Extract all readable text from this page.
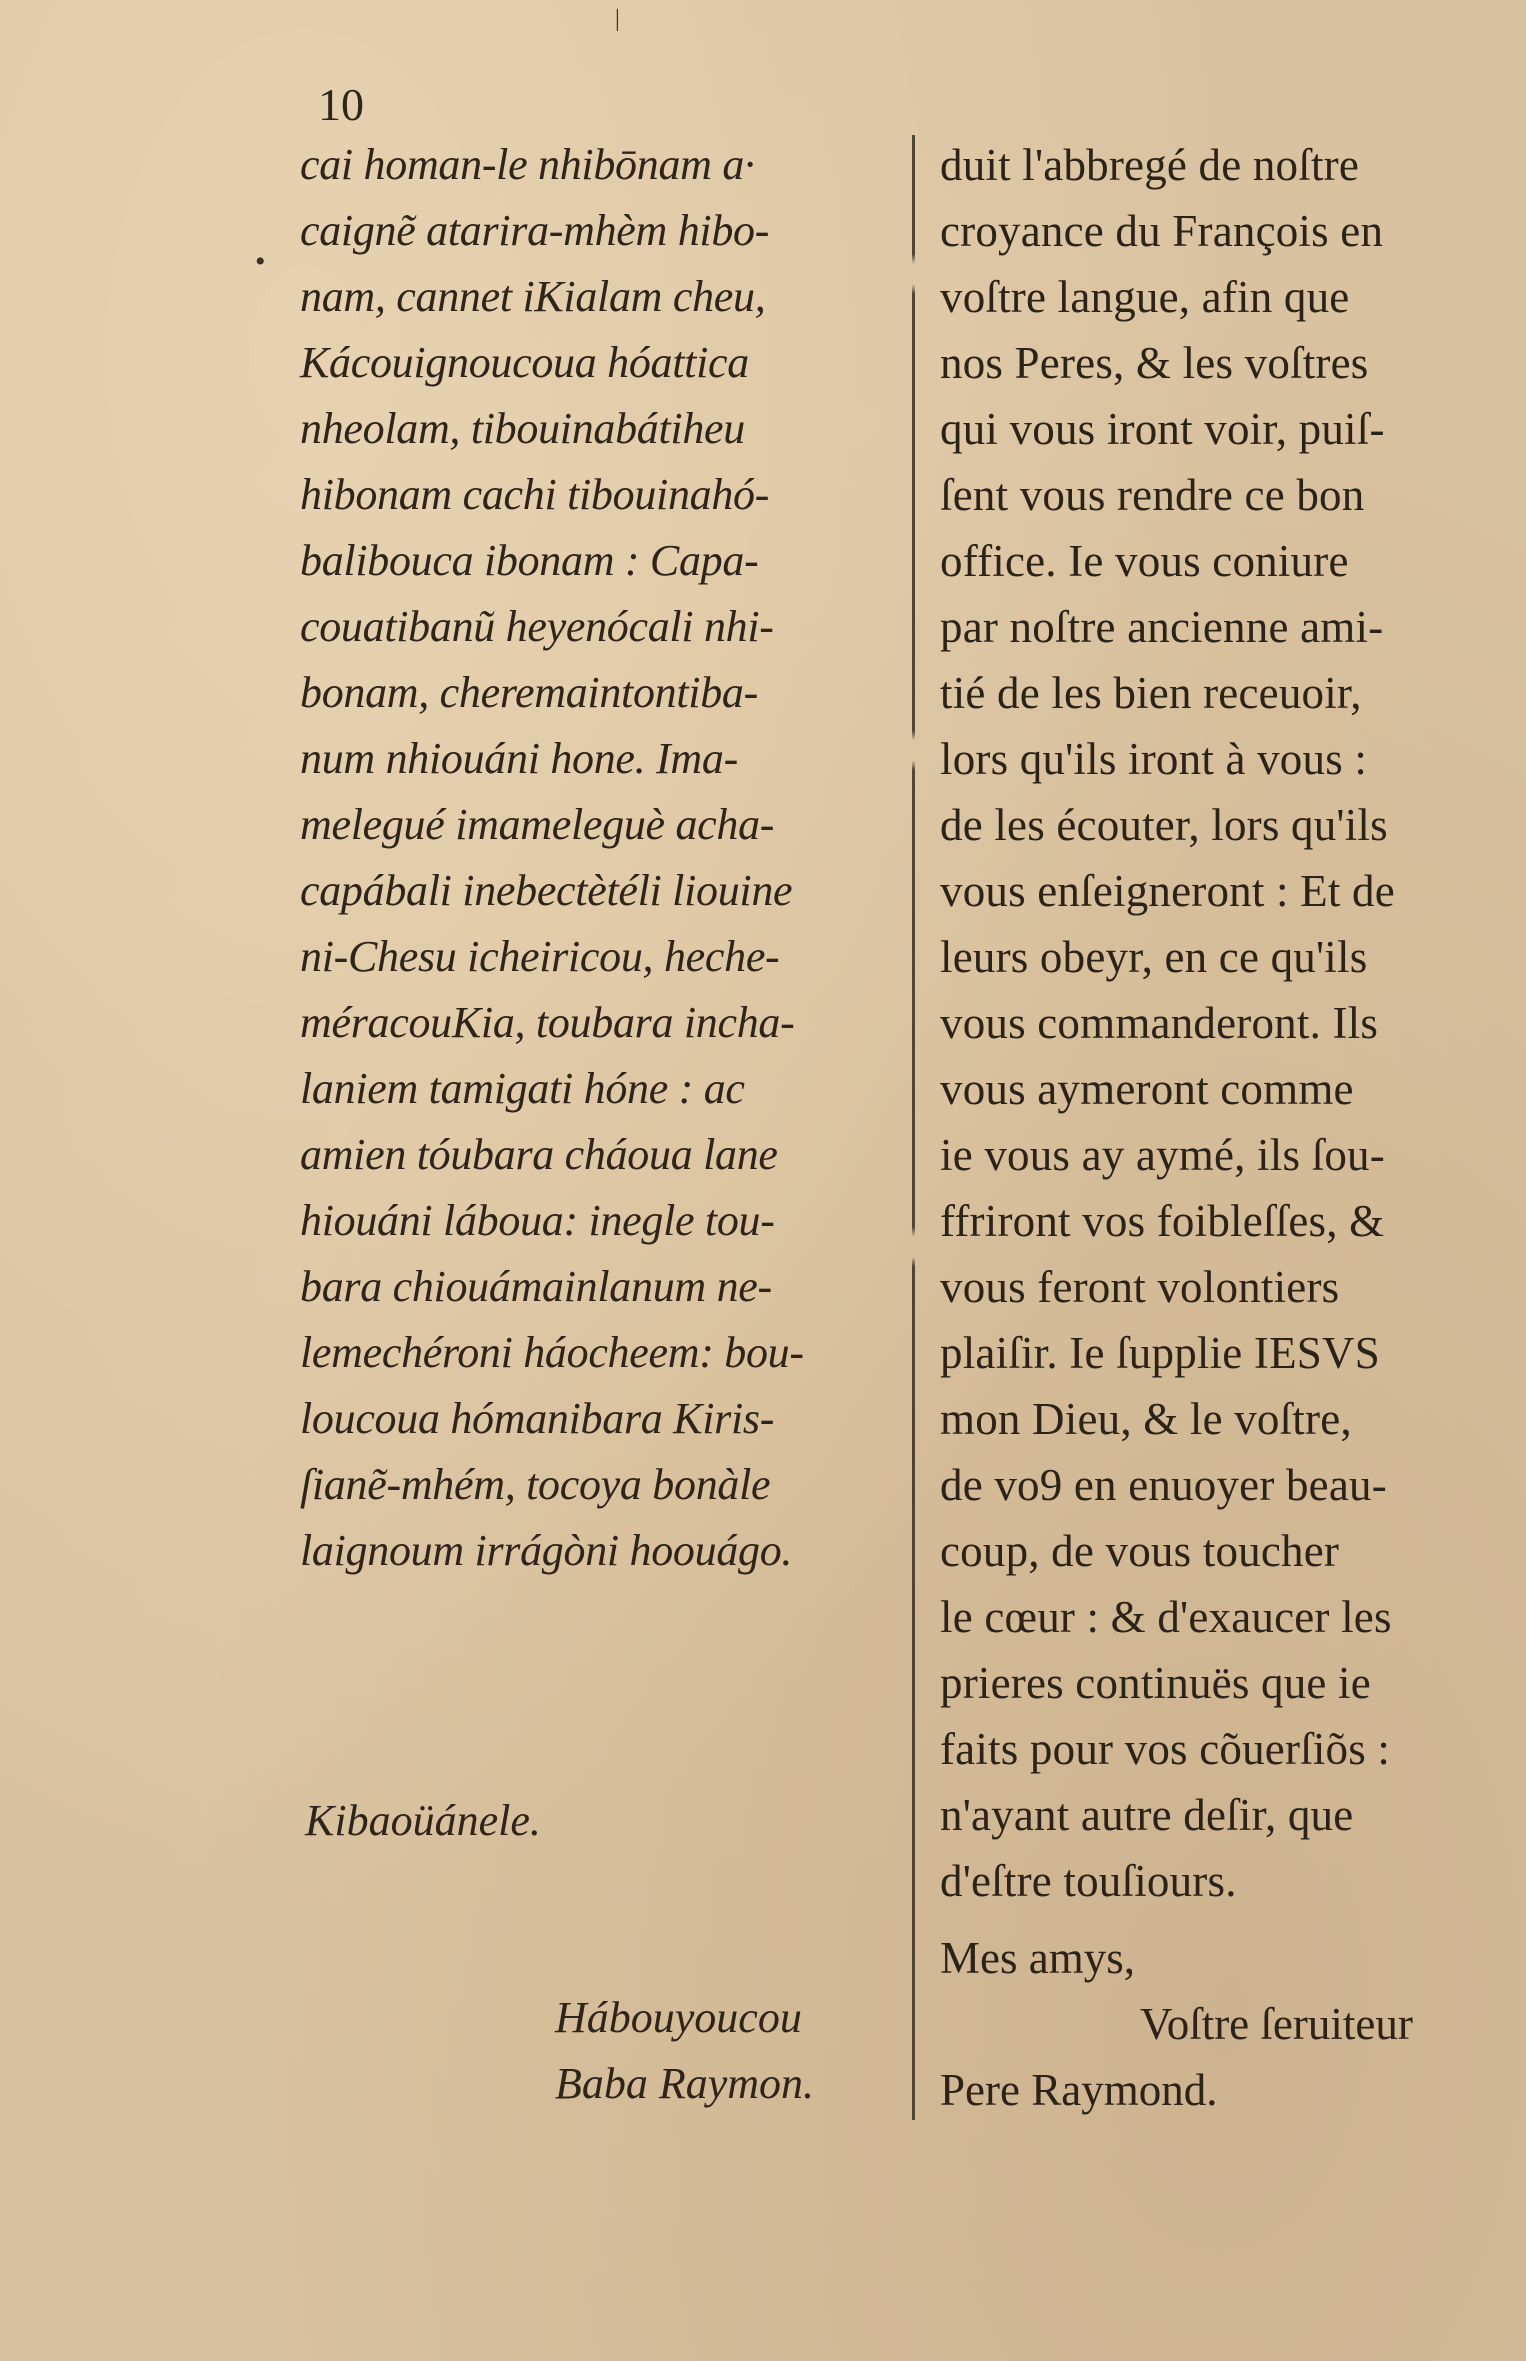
10
cai homan-le nhibōnam a·
caignẽ atarira-mhèm hibo-
nam, cannet iKialam cheu,
Kácouignoucoua hóattica
nheolam, tibouinabátiheu
hibonam cachi tibouinahó-
balibouca ibonam : Capa-
couatibanũ heyenócali nhi-
bonam, cheremaintontiba-
num nhiouáni hone. Ima-
melegué imameleguè acha-
capábali inebectètéli liouine
ni-Chesu icheiricou, heche-
méracouKia, toubara incha-
laniem tamigati hóne : ac
amien tóubara cháoua lane
hiouáni láboua: inegle tou-
bara chiouámainlanum ne-
lemechéroni háocheem: bou-
loucoua hómanibara Kiris-
ſianẽ-mhém, tocoya bonàle
laignoum irrágòni hoouágo.
Kibaoüánele.
Hábouyoucou
Baba Raymon.
duit l'abbregé de noſtre
croyance du François en
voſtre langue, afin que
nos Peres, & les voſtres
qui vous iront voir, puiſ-
ſent vous rendre ce bon
office. Ie vous coniure
par noſtre ancienne ami-
tié de les bien receuoir,
lors qu'ils iront à vous :
de les écouter, lors qu'ils
vous enſeigneront : Et de
leurs obeyr, en ce qu'ils
vous commanderont. Ils
vous aymeront comme
ie vous ay aymé, ils ſou-
ffriront vos foibleſſes, &
vous feront volontiers
plaiſir. Ie ſupplie IESVS
mon Dieu, & le voſtre,
de vo9 en enuoyer beau-
coup, de vous toucher
le cœur : & d'exaucer les
prieres continuës que ie
faits pour vos cõuerſiõs :
n'ayant autre deſir, que
d'eſtre touſiours.
Mes amys,
Voſtre ſeruiteur
Pere Raymond.
•
|
